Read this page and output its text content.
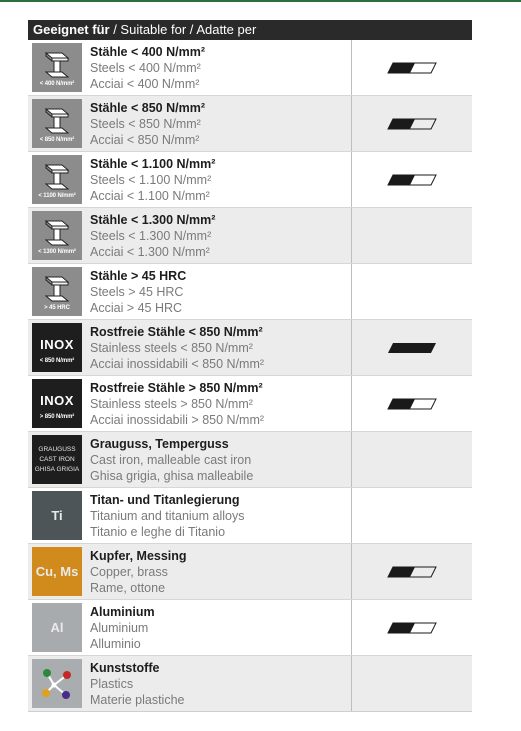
Geeignet für / Suitable for / Adatte per
< 400 N/mm²
Stähle < 400 N/mm²
Steels < 400 N/mm²
Acciai < 400 N/mm²
< 850 N/mm²
Stähle < 850 N/mm²
Steels < 850 N/mm²
Acciai < 850 N/mm²
< 1100 N/mm²
Stähle < 1.100 N/mm²
Steels < 1.100 N/mm²
Acciai < 1.100 N/mm²
< 1300 N/mm²
Stähle < 1.300 N/mm²
Steels < 1.300 N/mm²
Acciai < 1.300 N/mm²
> 45 HRC
Stähle > 45 HRC
Steels > 45 HRC
Acciai > 45 HRC
INOX
< 850 N/mm²
Rostfreie Stähle < 850 N/mm²
Stainless steels < 850 N/mm²
Acciai inossidabili < 850 N/mm²
INOX
> 850 N/mm²
Rostfreie Stähle > 850 N/mm²
Stainless steels > 850 N/mm²
Acciai inossidabili > 850 N/mm²
GRAUGUSS
CAST IRON
GHISA GRIGIA
Grauguss, Temperguss
Cast iron, malleable cast iron
Ghisa grigia, ghisa malleabile
Ti
Titan- und Titanlegierung
Titanium and titanium alloys
Titanio e leghe di Titanio
Cu, Ms
Kupfer, Messing
Copper, brass
Rame, ottone
Al
Aluminium
Aluminium
Alluminio
Kunststoffe
Plastics
Materie plastiche
